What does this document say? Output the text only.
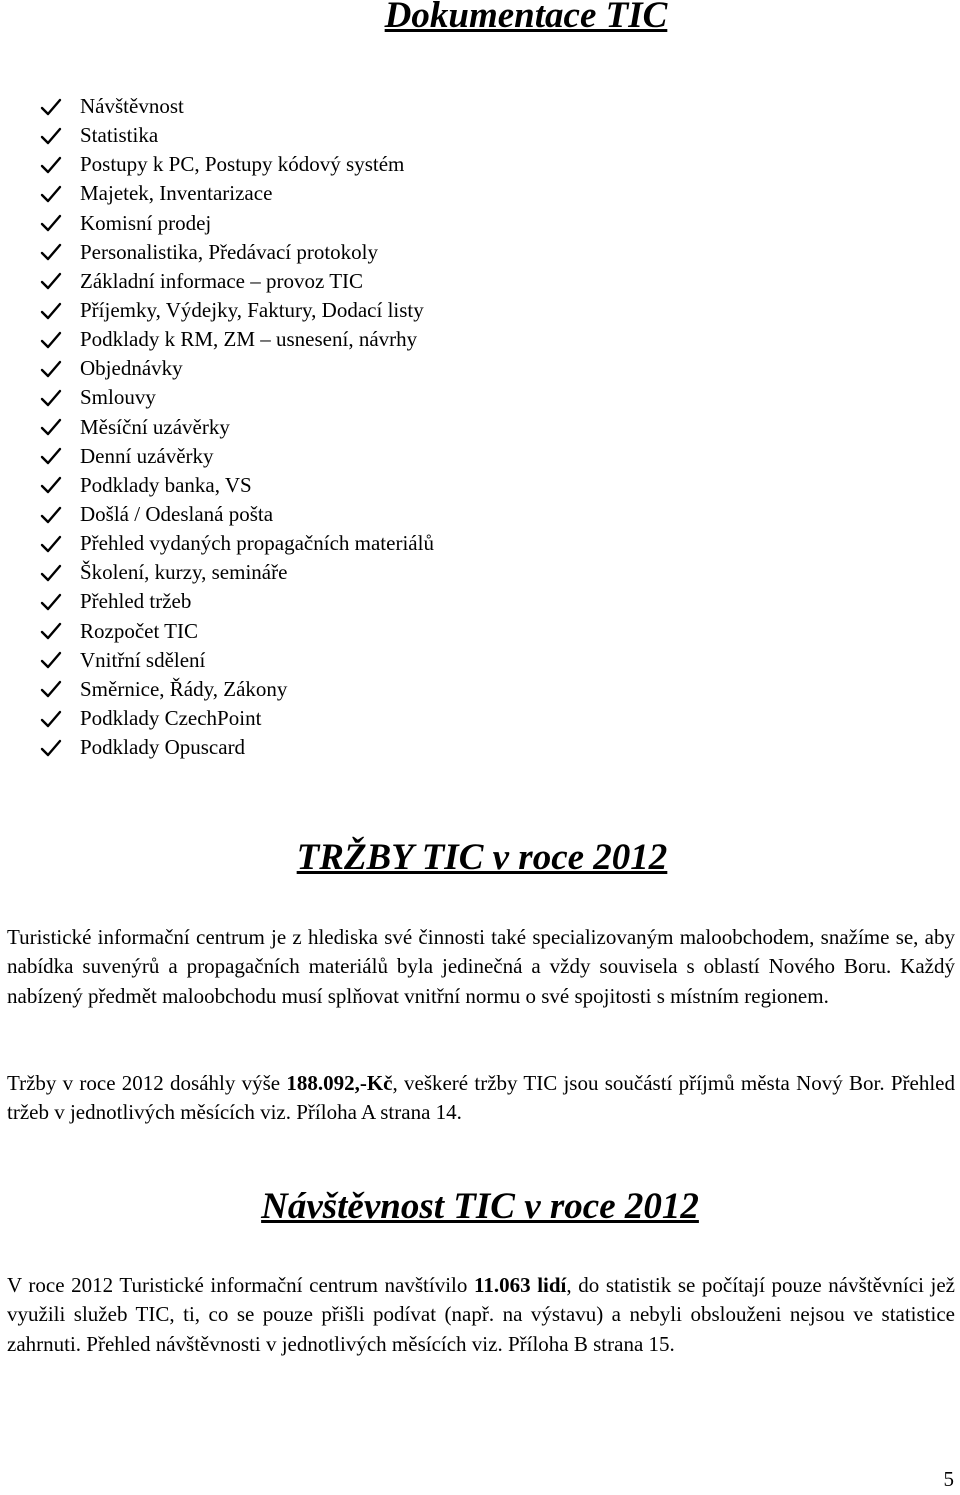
Dokumentace TIC
Návštěvnost
Statistika
Postupy k PC, Postupy kódový systém
Majetek, Inventarizace
Komisní prodej
Personalistika, Předávací protokoly
Základní informace – provoz TIC
Příjemky, Výdejky, Faktury, Dodací listy
Podklady k RM, ZM – usnesení, návrhy
Objednávky
Smlouvy
Měsíční uzávěrky
Denní uzávěrky
Podklady banka, VS
Došlá / Odeslaná pošta
Přehled vydaných propagačních materiálů
Školení, kurzy, semináře
Přehled tržeb
Rozpočet TIC
Vnitřní sdělení
Směrnice, Řády, Zákony
Podklady CzechPoint
Podklady Opuscard
TRŽBY TIC v roce 2012

Turistické informační centrum je z hlediska své činnosti také specializovaným maloobchodem, snažíme se, aby nabídka suvenýrů a propagačních materiálů byla jedinečná a vždy souvisela s oblastí Nového Boru. Každý nabízený předmět maloobchodu musí splňovat vnitřní normu o své spojitosti s místním regionem.

Tržby v roce 2012 dosáhly výše 188.092,-Kč, veškeré tržby TIC jsou součástí příjmů města Nový Bor. Přehled tržeb v jednotlivých měsících viz. Příloha A strana 14.

Návštěvnost TIC v roce 2012

V roce 2012 Turistické informační centrum navštívilo 11.063 lidí, do statistik se počítají pouze návštěvníci jež využili služeb TIC, ti, co se pouze přišli podívat (např. na výstavu) a nebyli obslouženi nejsou ve statistice zahrnuti. Přehled návštěvnosti v jednotlivých měsících viz. Příloha B strana 15.

5
